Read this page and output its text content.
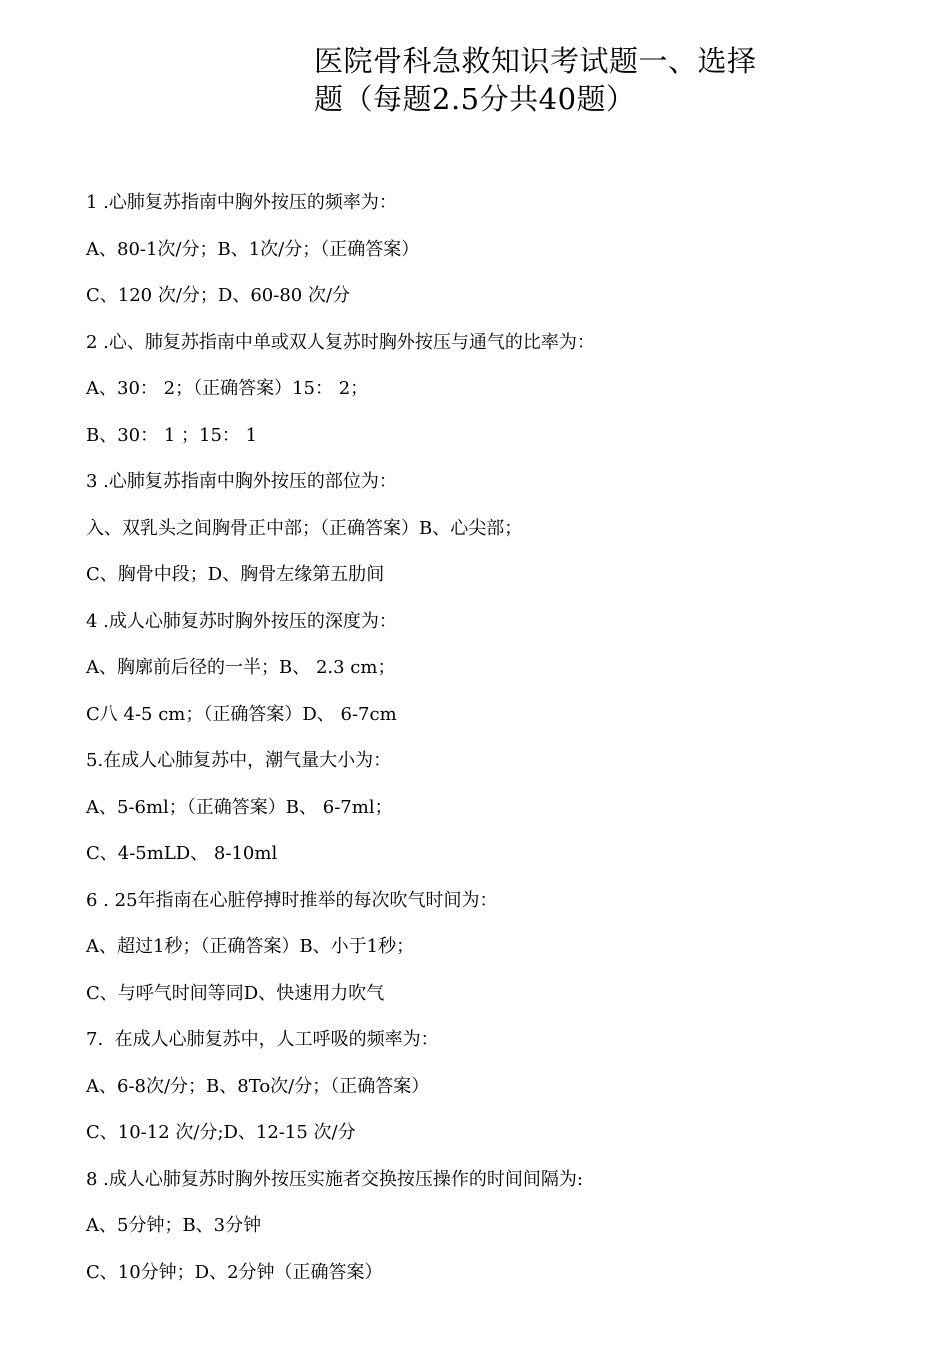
医院骨科急救知识考试题一、选择
题（每题2.5分共40题）
1 .心肺复苏指南中胸外按压的频率为：
A、80-1次/分；B、1次/分；（正确答案）
C、120 次/分；D、60-80 次/分
2 .心、肺复苏指南中单或双人复苏时胸外按压与通气的比率为：
A、30： 2；（正确答案）15： 2；
B、30： 1 ；15： 1
3 .心肺复苏指南中胸外按压的部位为：
入、双乳头之间胸骨正中部；（正确答案）B、心尖部；
C、胸骨中段；D、胸骨左缘第五肋间
4 .成人心肺复苏时胸外按压的深度为：
A、胸廓前后径的一半；B、 2.3 cm；
C八 4-5 cm；（正确答案）D、 6-7cm
5.在成人心肺复苏中，潮气量大小为：
A、5-6ml；（正确答案）B、 6-7ml；
C、4-5mLD、 8-10ml
6 . 25年指南在心脏停搏时推举的每次吹气时间为：
A、超过1秒；（正确答案）B、小于1秒；
C、与呼气时间等同D、快速用力吹气
7.  在成人心肺复苏中，人工呼吸的频率为：
A、6-8次/分；B、8To次/分；（正确答案）
C、10-12 次/分;D、12-15 次/分
8 .成人心肺复苏时胸外按压实施者交换按压操作的时间间隔为:
A、5分钟；B、3分钟
C、10分钟；D、2分钟（正确答案）
